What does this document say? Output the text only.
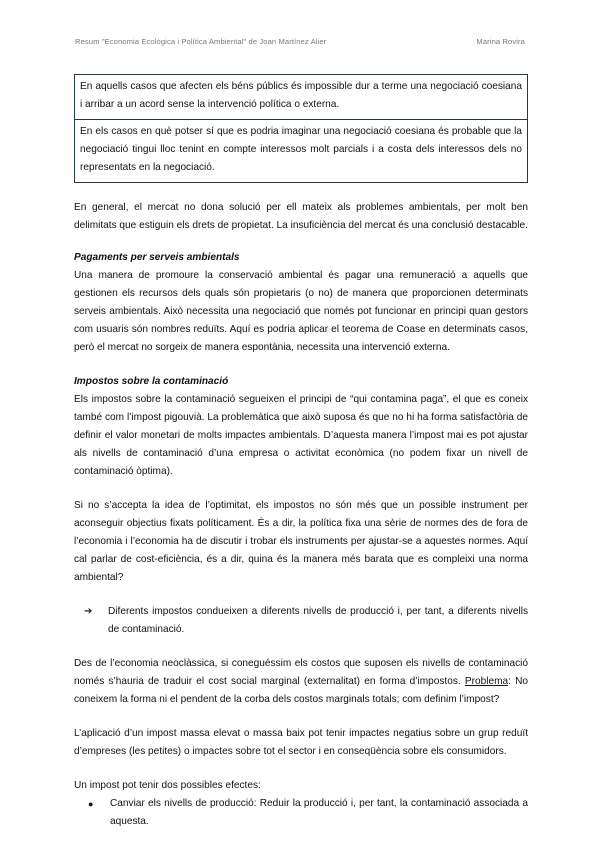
Resum "Economia Ecològica i Política Ambiental" de Joan Martínez Alier	Marina Rovira

En aquells casos que afecten els béns públics és impossible dur a terme una negociació coesiana i arribar a un acord sense la intervenció política o externa.

En els casos en què potser sí que es podria imaginar una negociació coesiana és probable que la negociació tingui lloc tenint en compte interessos molt parcials i a costa dels interessos dels no representats en la negociació.

En general, el mercat no dona solució per ell mateix als problemes ambientals, per molt ben delimitats que estiguin els drets de propietat. La insuficiència del mercat és una conclusió destacable.

Pagaments per serveis ambientals

Una manera de promoure la conservació ambiental és pagar una remuneració a aquells que gestionen els recursos dels quals són propietaris (o no) de manera que proporcionen determinats serveis ambientals. Això necessita una negociació que només pot funcionar en principi quan gestors com usuaris són nombres reduïts. Aquí es podria aplicar el teorema de Coase en determinats casos, però el mercat no sorgeix de manera espontània, necessita una intervenció externa.

Impostos sobre la contaminació

Els impostos sobre la contaminació segueixen el principi de “qui contamina paga”, el que es coneix també com l’impost pigouvià. La problemàtica que això suposa és que no hi ha forma satisfactòria de definir el valor monetari de molts impactes ambientals. D’aquesta manera l’impost mai es pot ajustar als nivells de contaminació d’una empresa o activitat econòmica (no podem fixar un nivell de contaminació òptima).

Si no s’accepta la idea de l’optimitat, els impostos no són més que un possible instrument per aconseguir objectius fixats políticament. És a dir, la política fixa una sèrie de normes des de fora de l’economia i l’economia ha de discutir i trobar els instruments per ajustar-se a aquestes normes. Aquí cal parlar de cost-eficiència, és a dir, quina és la manera més barata que es compleixi una norma ambiental?

➔	Diferents impostos condueixen a diferents nivells de producció i, per tant, a diferents nivells de contaminació.

Des de l’economia neoclàssica, si coneguéssim els costos que suposen els nivells de contaminació només s’hauria de traduir el cost social marginal (externalitat) en forma d’impostos. Problema: No coneixem la forma ni el pendent de la corba dels costos marginals totals; com definim l’impost?

L’aplicació d’un impost massa elevat o massa baix pot tenir impactes negatius sobre un grup reduït d’empreses (les petites) o impactes sobre tot el sector i en conseqüència sobre els consumidors.

Un impost pot tenir dos possibles efectes:

●	Canviar els nivells de producció: Reduir la producció i, per tant, la contaminació associada a aquesta.
